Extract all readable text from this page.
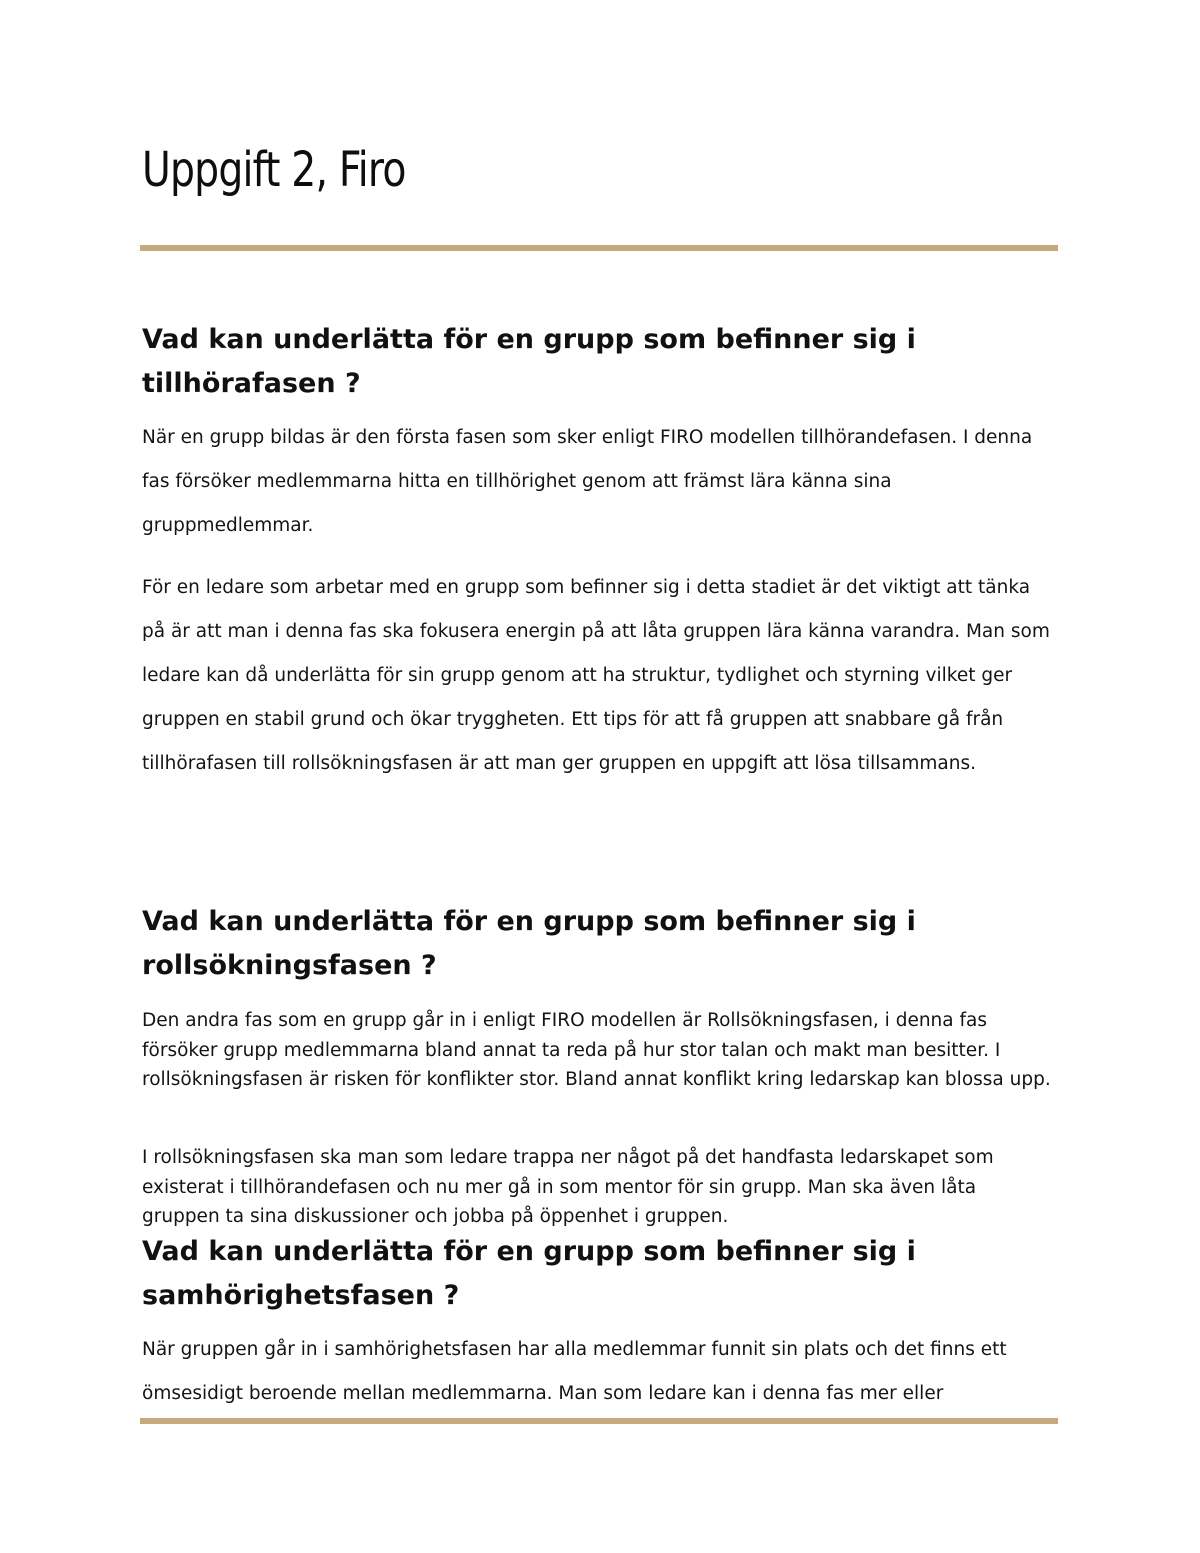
Uppgift 2, Firo
Vad kan underlätta för en grupp som befinner sig i tillhörafasen ?

När en grupp bildas är den första fasen som sker enligt FIRO modellen tillhörandefasen. I denna fas försöker medlemmarna hitta en tillhörighet genom att främst lära känna sina gruppmedlemmar.

För en ledare som arbetar med en grupp som befinner sig i detta stadiet är det viktigt att tänka på är att man i denna fas ska fokusera energin på att låta gruppen lära känna varandra. Man som ledare kan då underlätta för sin grupp genom att ha struktur, tydlighet och styrning vilket ger gruppen en stabil grund och ökar tryggheten. Ett tips för att få gruppen att snabbare gå från tillhörafasen till rollsökningsfasen är att man ger gruppen en uppgift att lösa tillsammans.

Vad kan underlätta för en grupp som befinner sig i rollsökningsfasen ?

Den andra fas som en grupp går in i enligt FIRO modellen är Rollsökningsfasen, i denna fas försöker grupp medlemmarna bland annat ta reda på hur stor talan och makt man besitter. I rollsökningsfasen är risken för konflikter stor. Bland annat konflikt kring ledarskap kan blossa upp.

I rollsökningsfasen ska man som ledare trappa ner något på det handfasta ledarskapet som existerat i tillhörandefasen och nu mer gå in som mentor för sin grupp. Man ska även låta gruppen ta sina diskussioner och jobba på öppenhet i gruppen.

Vad kan underlätta för en grupp som befinner sig i samhörighetsfasen ?

När gruppen går in i samhörighetsfasen har alla medlemmar funnit sin plats och det finns ett ömsesidigt beroende mellan medlemmarna. Man som ledare kan i denna fas mer eller
